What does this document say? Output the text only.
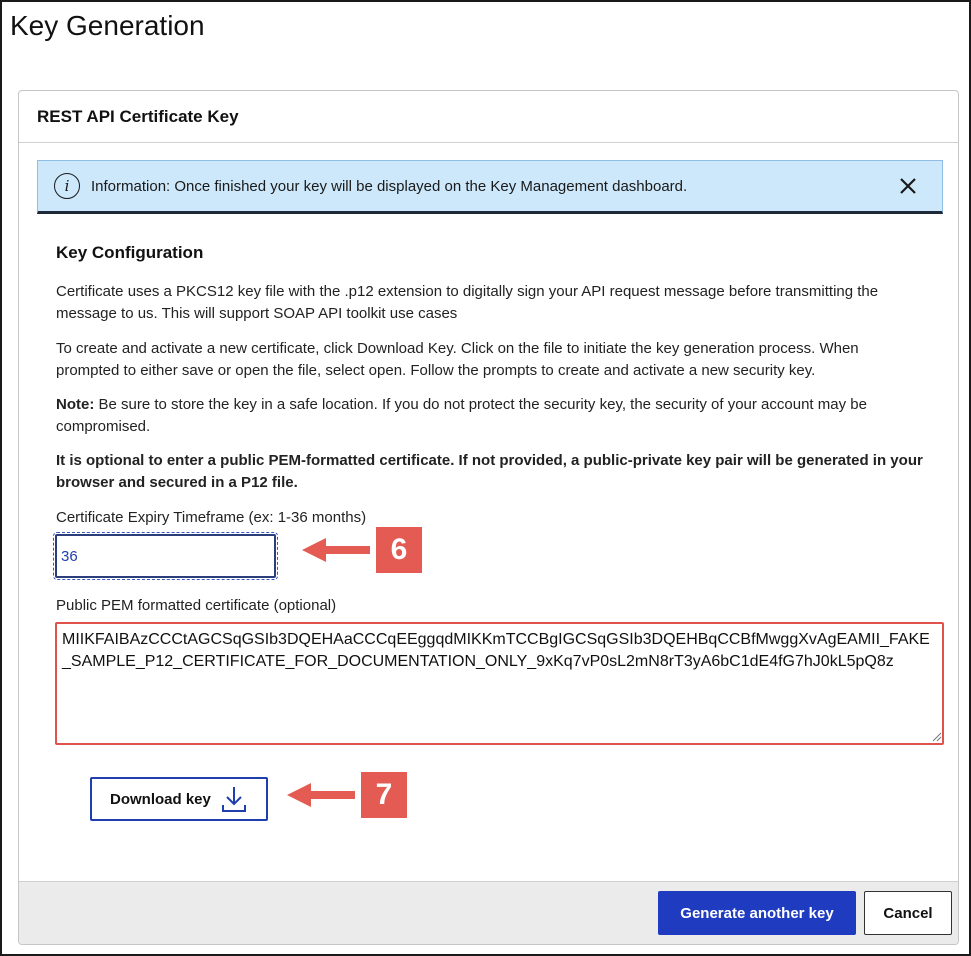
Key Generation
REST API Certificate Key
i	Information: Once finished your key will be displayed on the Key Management dashboard.
Key Configuration
Certificate uses a PKCS12 key file with the .p12 extension to digitally sign your API request message before transmitting the message to us. This will support SOAP API toolkit use cases
To create and activate a new certificate, click Download Key. Click on the file to initiate the key generation process. When prompted to either save or open the file, select open. Follow the prompts to create and activate a new security key.
Note: Be sure to store the key in a safe location. If you do not protect the security key, the security of your account may be compromised.
It is optional to enter a public PEM-formatted certificate. If not provided, a public-private key pair will be generated in your browser and secured in a P12 file.
Certificate Expiry Timeframe (ex: 1-36 months)
36
6
Public PEM formatted certificate (optional)
MIIKFAIBAzCCCtAGCSqGSIb3DQEHAaCCCqEEggqdMIKKmTCCBgIGCSqGSIb3DQEHBqCCBfMwggXvAgEAMII_FAKE_SAMPLE_P12_CERTIFICATE_FOR_DOCUMENTATION_ONLY_9xKq7vP0sL2mN8rT3yA6bC1dE4fG7hJ0kL5pQ8z
Download key	7
Generate another key	Cancel
